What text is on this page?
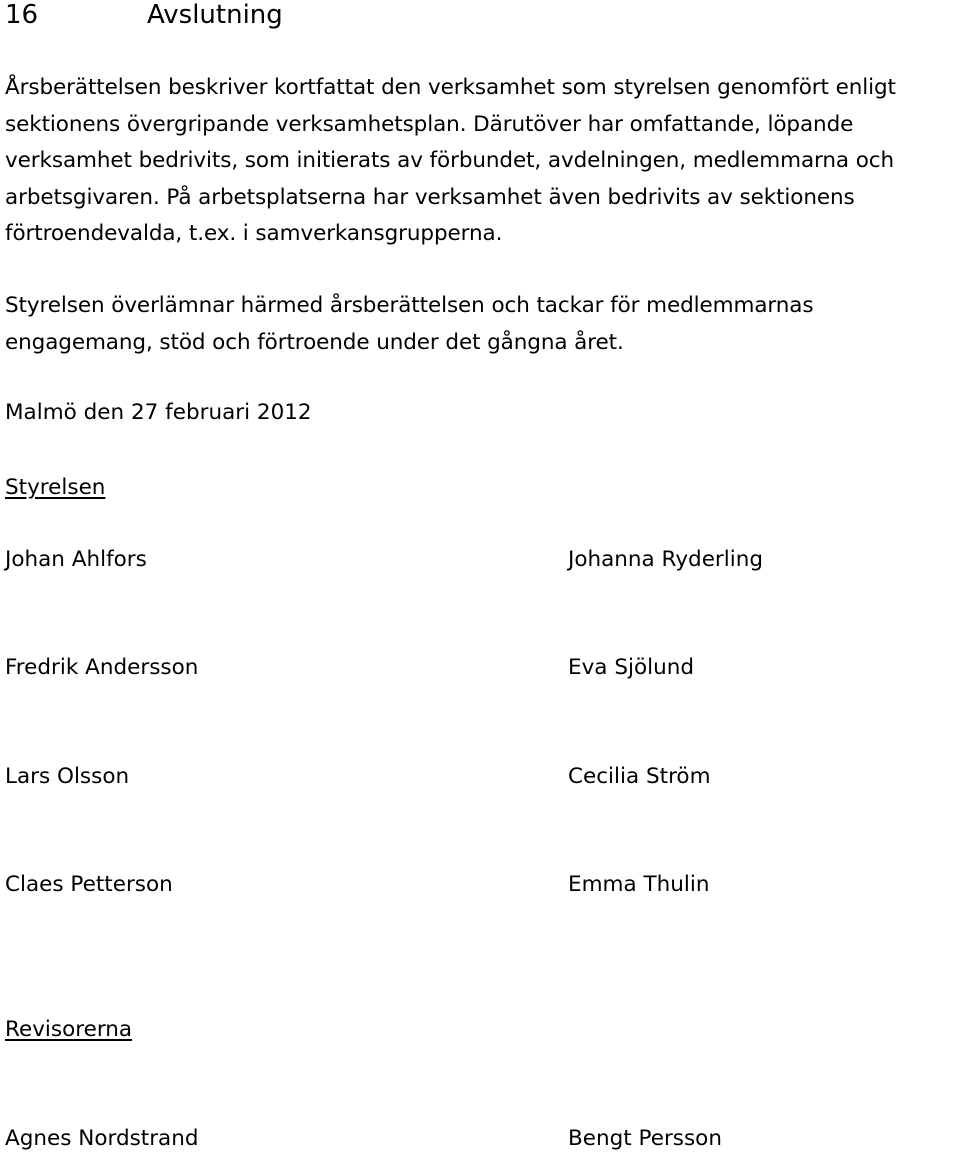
16	Avslutning

Årsberättelsen beskriver kortfattat den verksamhet som styrelsen genomfört enligt sektionens övergripande verksamhetsplan. Därutöver har omfattande, löpande verksamhet bedrivits, som initierats av förbundet, avdelningen, medlemmarna och arbetsgivaren. På arbetsplatserna har verksamhet även bedrivits av sektionens förtroendevalda, t.ex. i samverkansgrupperna.

Styrelsen överlämnar härmed årsberättelsen och tackar för medlemmarnas engagemang, stöd och förtroende under det gångna året.

Malmö den 27 februari 2012
Styrelsen
Johan Ahlfors	Johanna Ryderling
Fredrik Andersson	Eva Sjölund
Lars Olsson	Cecilia Ström
Claes Petterson	Emma Thulin
Revisorerna
Agnes Nordstrand	Bengt Persson
